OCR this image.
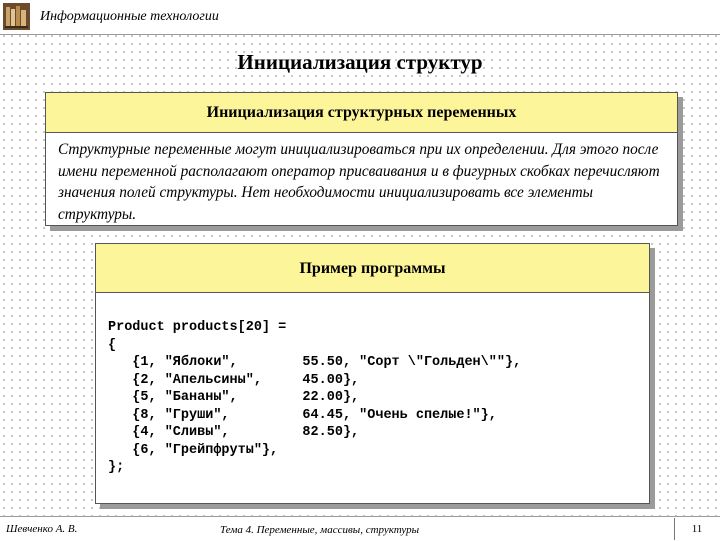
Информационные технологии
Инициализация структур
Инициализация структурных переменных
Структурные переменные могут инициализироваться при их определении. Для этого после имени переменной располагают оператор присваивания и в фигурных скобках перечисляют значения полей структуры. Нет необходимости инициализировать все элементы структуры.
Пример программы
Product products[20] =
{
{1, "Яблоки",        55.50, "Сорт \"Гольден\""},
{2, "Апельсины",     45.00},
{5, "Бананы",        22.00},
{8, "Груши",         64.45, "Очень спелые!"},
{4, "Сливы",         82.50},
{6, "Грейпфруты"},
};
Шевченко А. В.	Тема 4. Переменные, массивы, структуры	11
